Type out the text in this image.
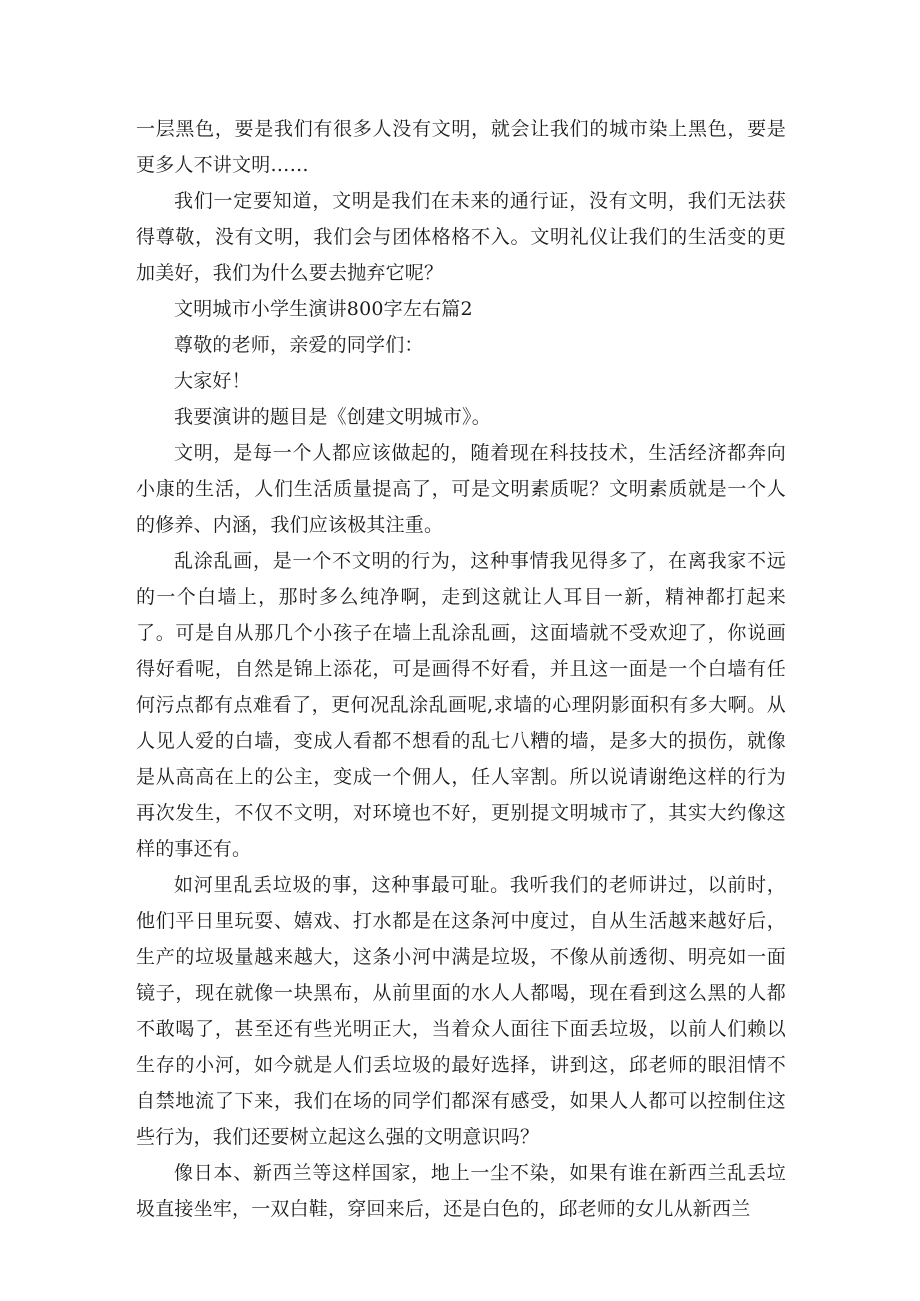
一层黑色，要是我们有很多人没有文明，就会让我们的城市染上黑色，要是更多人不讲文明……

我们一定要知道，文明是我们在未来的通行证，没有文明，我们无法获得尊敬，没有文明，我们会与团体格格不入。文明礼仪让我们的生活变的更加美好，我们为什么要去抛弃它呢？

文明城市小学生演讲800字左右篇2

尊敬的老师，亲爱的同学们：

大家好！

我要演讲的题目是《创建文明城市》。

文明，是每一个人都应该做起的，随着现在科技技术，生活经济都奔向小康的生活，人们生活质量提高了，可是文明素质呢？文明素质就是一个人的修养、内涵，我们应该极其注重。

乱涂乱画，是一个不文明的行为，这种事情我见得多了，在离我家不远的一个白墙上，那时多么纯净啊，走到这就让人耳目一新，精神都打起来了。可是自从那几个小孩子在墙上乱涂乱画，这面墙就不受欢迎了，你说画得好看呢，自然是锦上添花，可是画得不好看，并且这一面是一个白墙有任何污点都有点难看了，更何况乱涂乱画呢,求墙的心理阴影面积有多大啊。从人见人爱的白墙，变成人看都不想看的乱七八糟的墙，是多大的损伤，就像是从高高在上的公主，变成一个佣人，任人宰割。所以说请谢绝这样的行为再次发生，不仅不文明，对环境也不好，更别提文明城市了，其实大约像这样的事还有。

如河里乱丢垃圾的事，这种事最可耻。我听我们的老师讲过，以前时，他们平日里玩耍、嬉戏、打水都是在这条河中度过，自从生活越来越好后，生产的垃圾量越来越大，这条小河中满是垃圾，不像从前透彻、明亮如一面镜子，现在就像一块黑布，从前里面的水人人都喝，现在看到这么黑的人都不敢喝了，甚至还有些光明正大，当着众人面往下面丢垃圾，以前人们赖以生存的小河，如今就是人们丢垃圾的最好选择，讲到这，邱老师的眼泪情不自禁地流了下来，我们在场的同学们都深有感受，如果人人都可以控制住这些行为，我们还要树立起这么强的文明意识吗？

像日本、新西兰等这样国家，地上一尘不染，如果有谁在新西兰乱丢垃圾直接坐牢，一双白鞋，穿回来后，还是白色的，邱老师的女儿从新西兰
